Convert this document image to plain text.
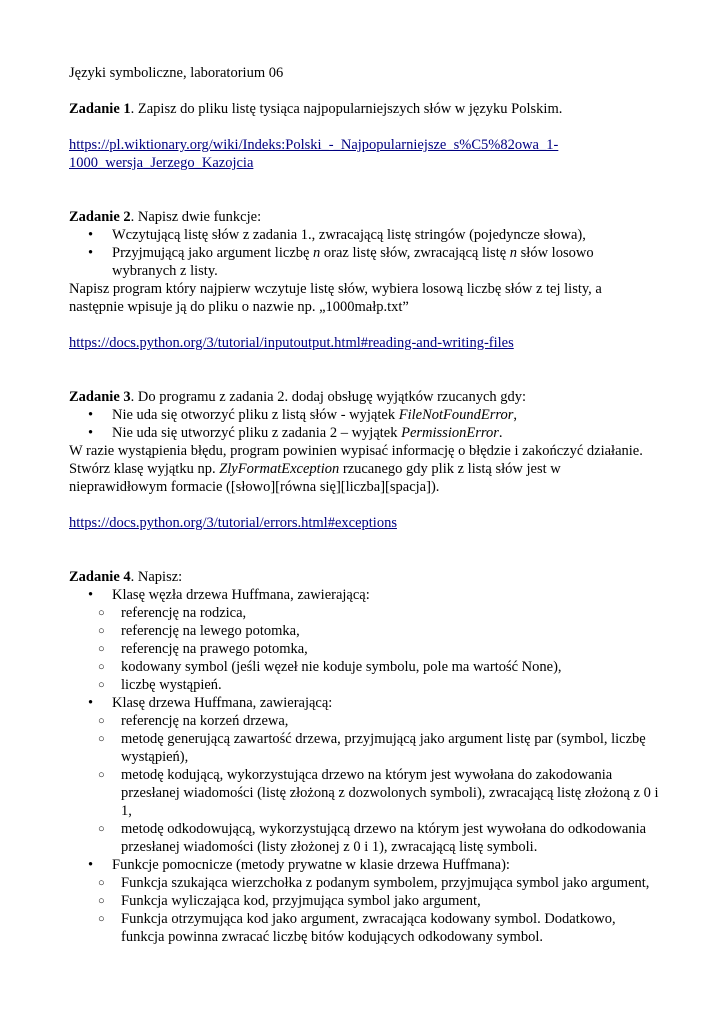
Języki symboliczne, laboratorium 06

Zadanie 1. Zapisz do pliku listę tysiąca najpopularniejszych słów w języku Polskim.

https://pl.wiktionary.org/wiki/Indeks:Polski_-_Najpopularniejsze_s%C5%82owa_1-
1000_wersja_Jerzego_Kazojcia

Zadanie 2. Napisz dwie funkcje:

• Wczytującą listę słów z zadania 1., zwracającą listę stringów (pojedyncze słowa),
• Przyjmującą jako argument liczbę n oraz listę słów, zwracającą listę n słów losowo wybranych z listy.

Napisz program który najpierw wczytuje listę słów, wybiera losową liczbę słów z tej listy, a następnie wpisuje ją do pliku o nazwie np. „1000małp.txt”

https://docs.python.org/3/tutorial/inputoutput.html#reading-and-writing-files

Zadanie 3. Do programu z zadania 2. dodaj obsługę wyjątków rzucanych gdy:

• Nie uda się otworzyć pliku z listą słów - wyjątek FileNotFoundError,
• Nie uda się utworzyć pliku z zadania 2 – wyjątek PermissionError.

W razie wystąpienia błędu, program powinien wypisać informację o błędzie i zakończyć działanie. Stwórz klasę wyjątku np. ZlyFormatException rzucanego gdy plik z listą słów jest w nieprawidłowym formacie ([słowo][równa się][liczba][spacja]).

https://docs.python.org/3/tutorial/errors.html#exceptions

Zadanie 4. Napisz:

• Klasę węzła drzewa Huffmana, zawierającą:
○ referencję na rodzica,
○ referencję na lewego potomka,
○ referencję na prawego potomka,
○ kodowany symbol (jeśli węzeł nie koduje symbolu, pole ma wartość None),
○ liczbę wystąpień.
• Klasę drzewa Huffmana, zawierającą:
○ referencję na korzeń drzewa,
○ metodę generującą zawartość drzewa, przyjmującą jako argument listę par (symbol, liczbę wystąpień),
○ metodę kodującą, wykorzystująca drzewo na którym jest wywołana do zakodowania przesłanej wiadomości (listę złożoną z dozwolonych symboli), zwracającą listę złożoną z 0 i 1,
○ metodę odkodowującą, wykorzystującą drzewo na którym jest wywołana do odkodowania przesłanej wiadomości (listy złożonej z 0 i 1), zwracającą listę symboli.
• Funkcje pomocnicze (metody prywatne w klasie drzewa Huffmana):
○ Funkcja szukająca wierzchołka z podanym symbolem, przyjmująca symbol jako argument,
○ Funkcja wyliczająca kod, przyjmująca symbol jako argument,
○ Funkcja otrzymująca kod jako argument, zwracająca kodowany symbol. Dodatkowo, funkcja powinna zwracać liczbę bitów kodujących odkodowany symbol.
